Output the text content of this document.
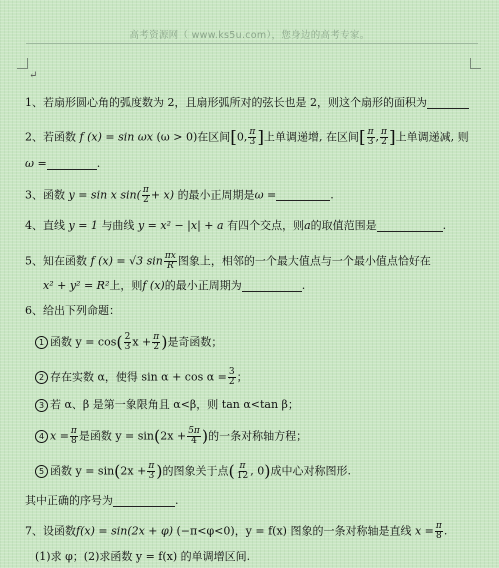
高考资源网（ www.ks5u.com），您身边的高考专家。
↵
1、若扇形圆心角的弧度数为 2，且扇形弧所对的弦长也是 2，则这个扇形的面积为
2、若函数 f (x) = sin ωx (ω > 0)在区间[0, $\frac{\pi}{3}$ ]上单调递增, 在区间[ $\frac{\pi}{3}$ , $\frac{\pi}{2}$ ]上单调递减, 则
ω =	.
3、函数 y = sin x $\sin( \frac{\pi}{2} + x)$ 的最小正周期是ω =	.
4、直线 y = 1 与曲线 y = x² − |x| + a 有四个交点，则a的取值范围是	.
5、知在函数 f (x) = √3 $\sin \frac{\pi x}{R}$ 图象上，相邻的一个最大值点与一个最小值点恰好在
x² + y² = R²上，则f (x)的最小正周期为	.
6、给出下列命题：
1 函数 $y = \cos( \frac{2}{3}$ $x + \frac{\pi}{2}$ )是奇函数；
2 存在实数 α，使得 $\sin \alpha + \cos \alpha = \frac{3}{2}$ ；
3 若 α、β 是第一象限角且 α<β，则 tan α<tan β；
4 $x = \frac{\pi}{8}$ 是函数 $y = \sin(2x + \frac{5\pi}{4}$ )的一条对称轴方程；
5 函数 $y = \sin(2x + \frac{\pi}{3}$ )的图象关于点( $\frac{\pi}{12}$ , 0)成中心对称图形.
其中正确的序号为	.
7、设函数f(x) = sin(2x + φ) (−π<φ<0)，y = f(x) 图象的一条对称轴是直线 $x = \frac{\pi}{8}$ .
(1)求 φ；(2)求函数 y = f(x) 的单调增区间.
